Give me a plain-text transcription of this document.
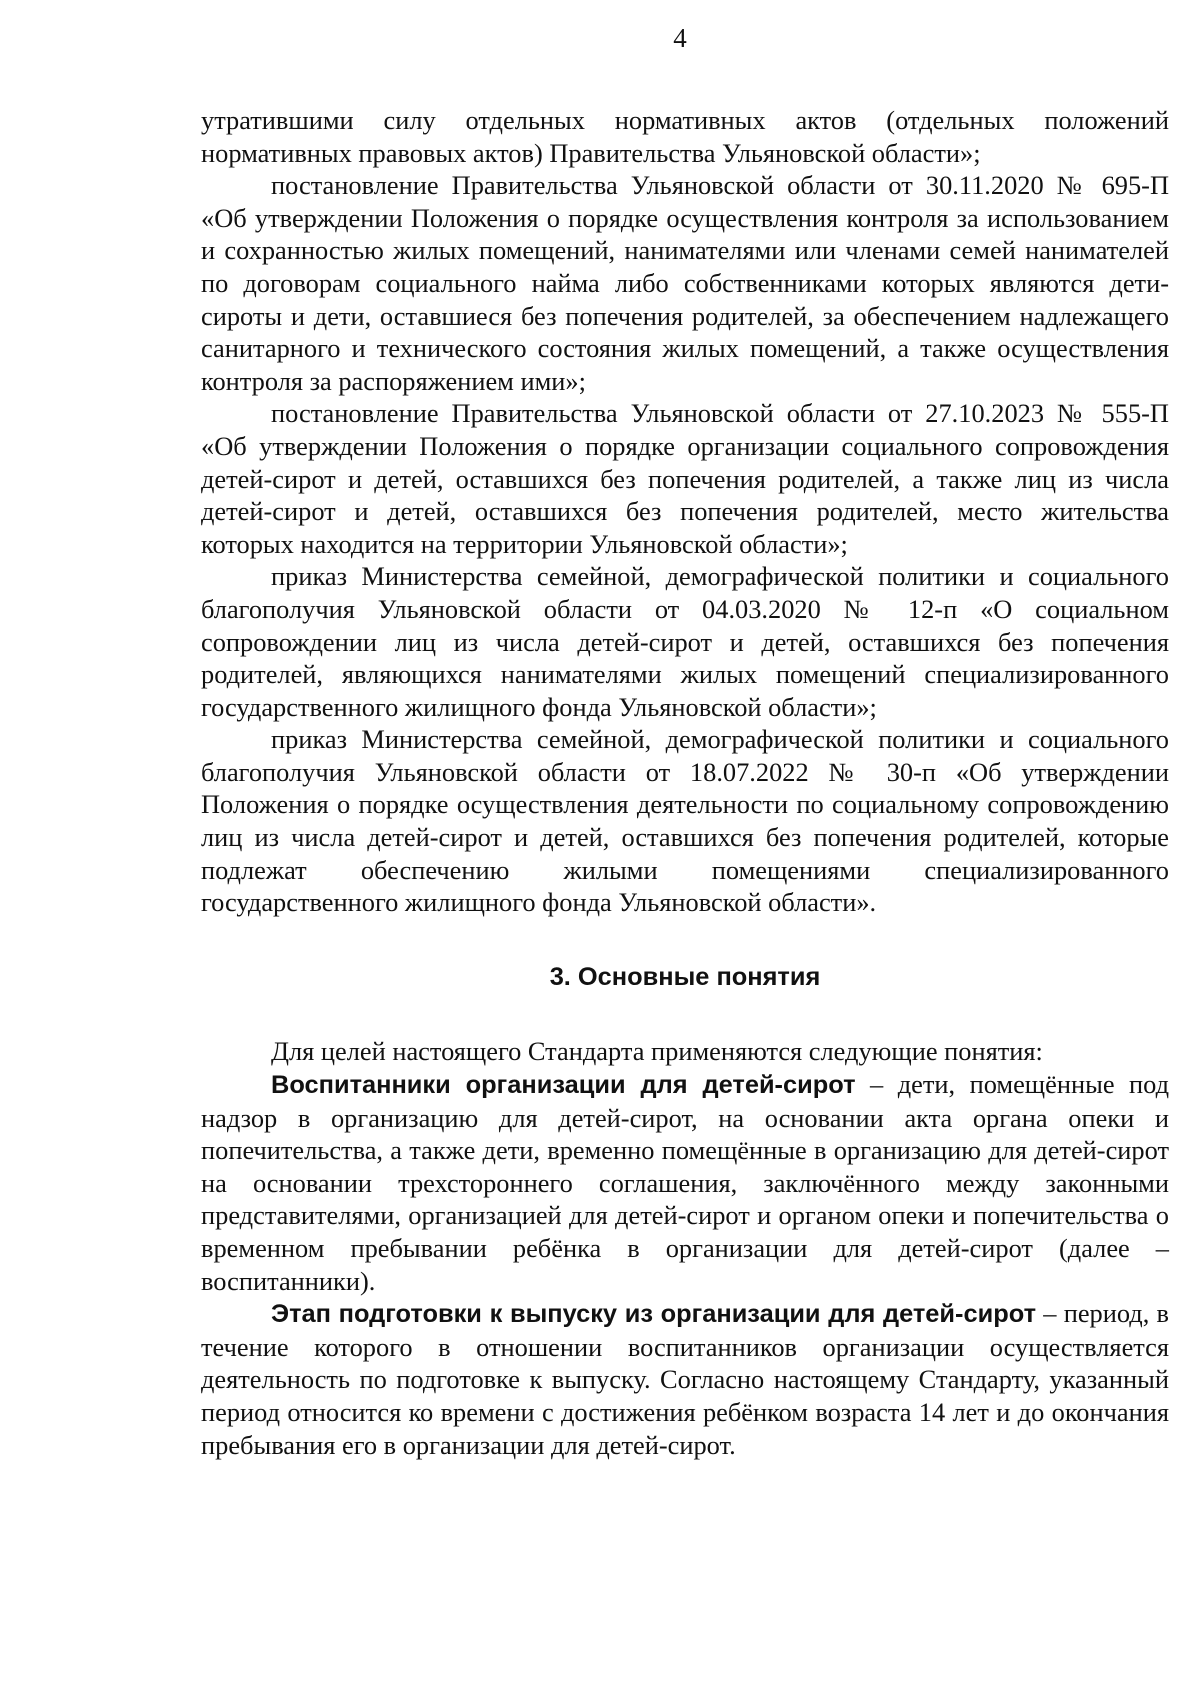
4

утратившими силу отдельных нормативных актов (отдельных положений нормативных правовых актов) Правительства Ульяновской области»;

постановление Правительства Ульяновской области от 30.11.2020 № 695-П «Об утверждении Положения о порядке осуществления контроля за использованием и сохранностью жилых помещений, нанимателями или членами семей нанимателей по договорам социального найма либо собственниками которых являются дети-сироты и дети, оставшиеся без попечения родителей, за обеспечением надлежащего санитарного и технического состояния жилых помещений, а также осуществления контроля за распоряжением ими»;

постановление Правительства Ульяновской области от 27.10.2023 № 555-П «Об утверждении Положения о порядке организации социального сопровождения детей-сирот и детей, оставшихся без попечения родителей, а также лиц из числа детей-сирот и детей, оставшихся без попечения родителей, место жительства которых находится на территории Ульяновской области»;

приказ Министерства семейной, демографической политики и социального благополучия Ульяновской области от 04.03.2020 № 12-п «О социальном сопровождении лиц из числа детей-сирот и детей, оставшихся без попечения родителей, являющихся нанимателями жилых помещений специализированного государственного жилищного фонда Ульяновской области»;

приказ Министерства семейной, демографической политики и социального благополучия Ульяновской области от 18.07.2022 № 30-п «Об утверждении Положения о порядке осуществления деятельности по социальному сопровождению лиц из числа детей-сирот и детей, оставшихся без попечения родителей, которые подлежат обеспечению жилыми помещениями специализированного государственного жилищного фонда Ульяновской области».

3. Основные понятия

Для целей настоящего Стандарта применяются следующие понятия:

Воспитанники организации для детей-сирот – дети, помещённые под надзор в организацию для детей-сирот, на основании акта органа опеки и попечительства, а также дети, временно помещённые в организацию для детей-сирот на основании трехстороннего соглашения, заключённого между законными представителями, организацией для детей-сирот и органом опеки и попечительства о временном пребывании ребёнка в организации для детей-сирот (далее – воспитанники).

Этап подготовки к выпуску из организации для детей-сирот – период, в течение которого в отношении воспитанников организации осуществляется деятельность по подготовке к выпуску. Согласно настоящему Стандарту, указанный период относится ко времени с достижения ребёнком возраста 14 лет и до окончания пребывания его в организации для детей-сирот.
